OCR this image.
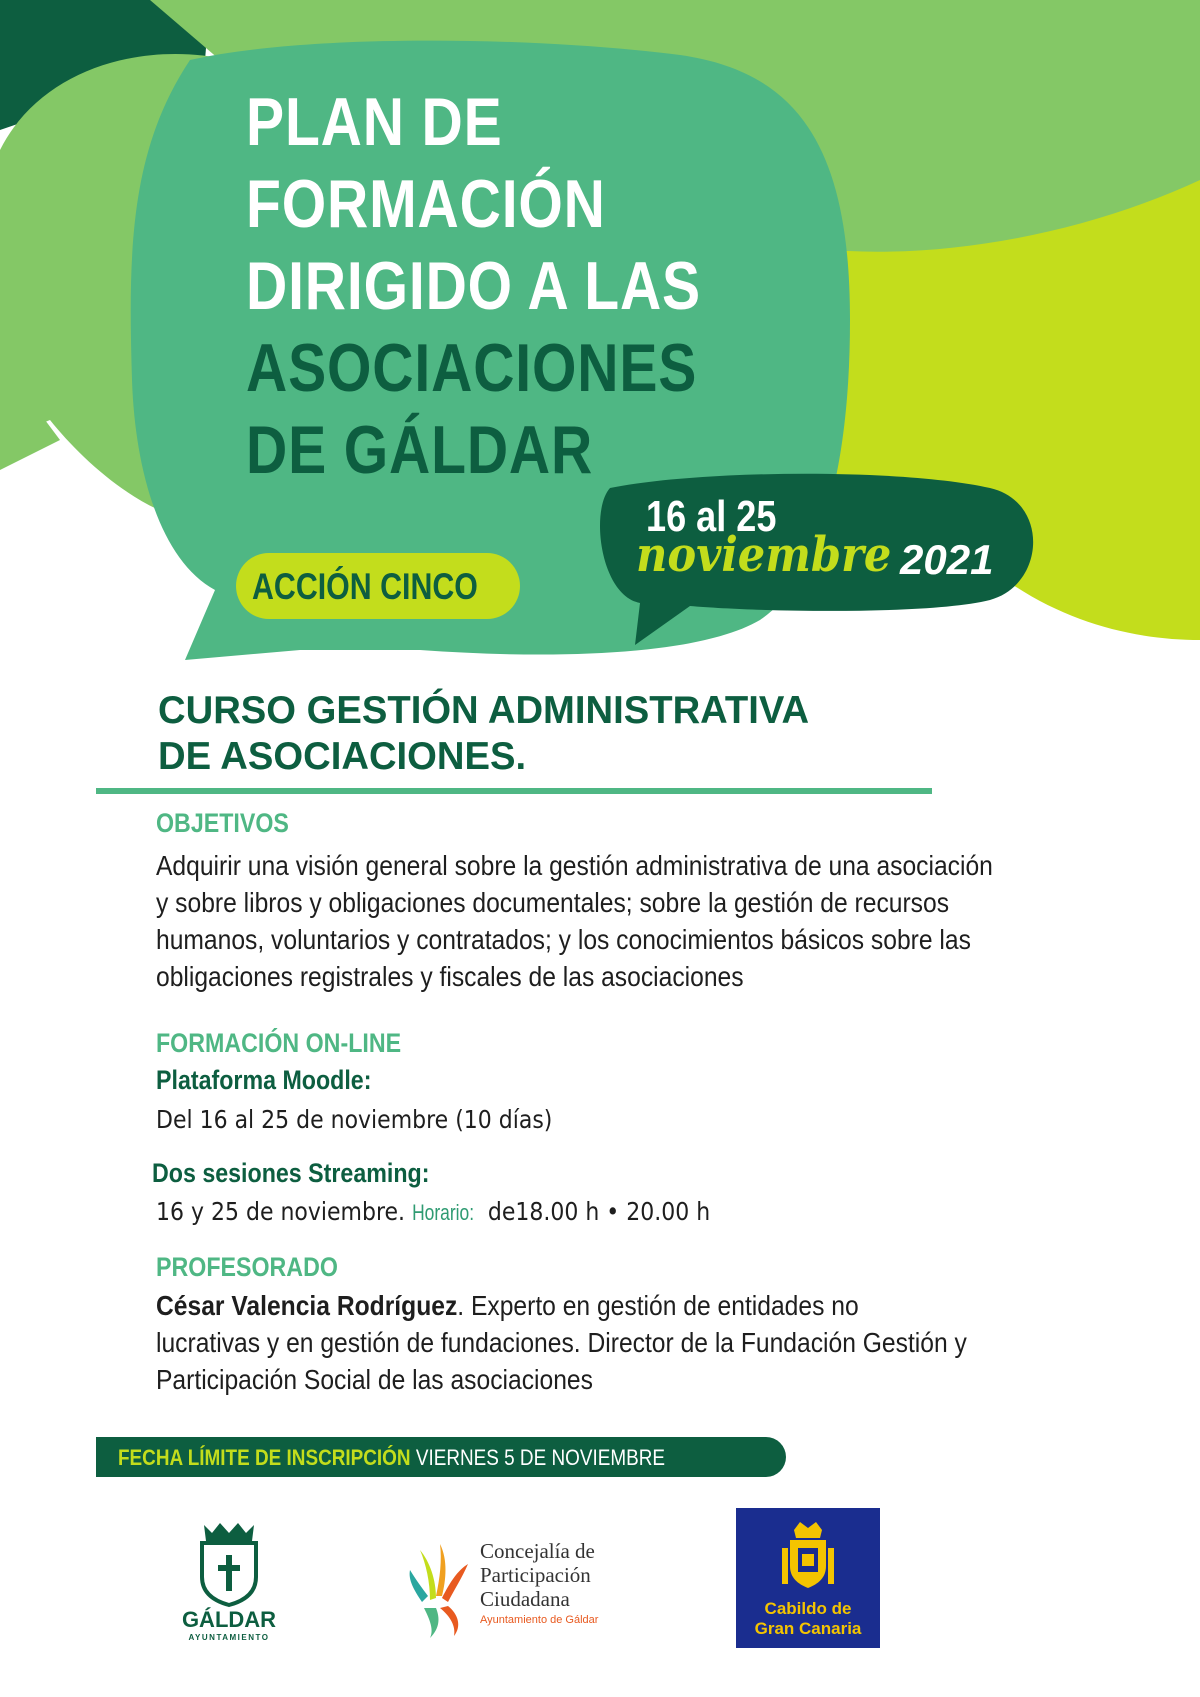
PLAN DE
FORMACIÓN
DIRIGIDO A LAS
ASOCIACIONES
DE GÁLDAR
ACCIÓN CINCO
16 al 25
noviembre 2021
CURSO GESTIÓN ADMINISTRATIVA
DE ASOCIACIONES.
OBJETIVOS
Adquirir una visión general sobre la gestión administrativa de una asociación
y sobre libros y obligaciones documentales; sobre la gestión de recursos
humanos, voluntarios y contratados; y los conocimientos básicos sobre las
obligaciones registrales y fiscales de las asociaciones
FORMACIÓN ON-LINE
Plataforma Moodle:
Del 16 al 25 de noviembre (10 días)
Dos sesiones Streaming:
16 y 25 de noviembre. Horario: de18.00 h • 20.00 h
PROFESORADO
César Valencia Rodríguez. Experto en gestión de entidades no
lucrativas y en gestión de fundaciones. Director de la Fundación Gestión y
Participación Social de las asociaciones
FECHA LÍMITE DE INSCRIPCIÓN VIERNES 5 DE NOVIEMBRE
GÁLDAR
AYUNTAMIENTO
Concejalía de
Participación
Ciudadana
Ayuntamiento de Gáldar
Cabildo de
Gran Canaria
